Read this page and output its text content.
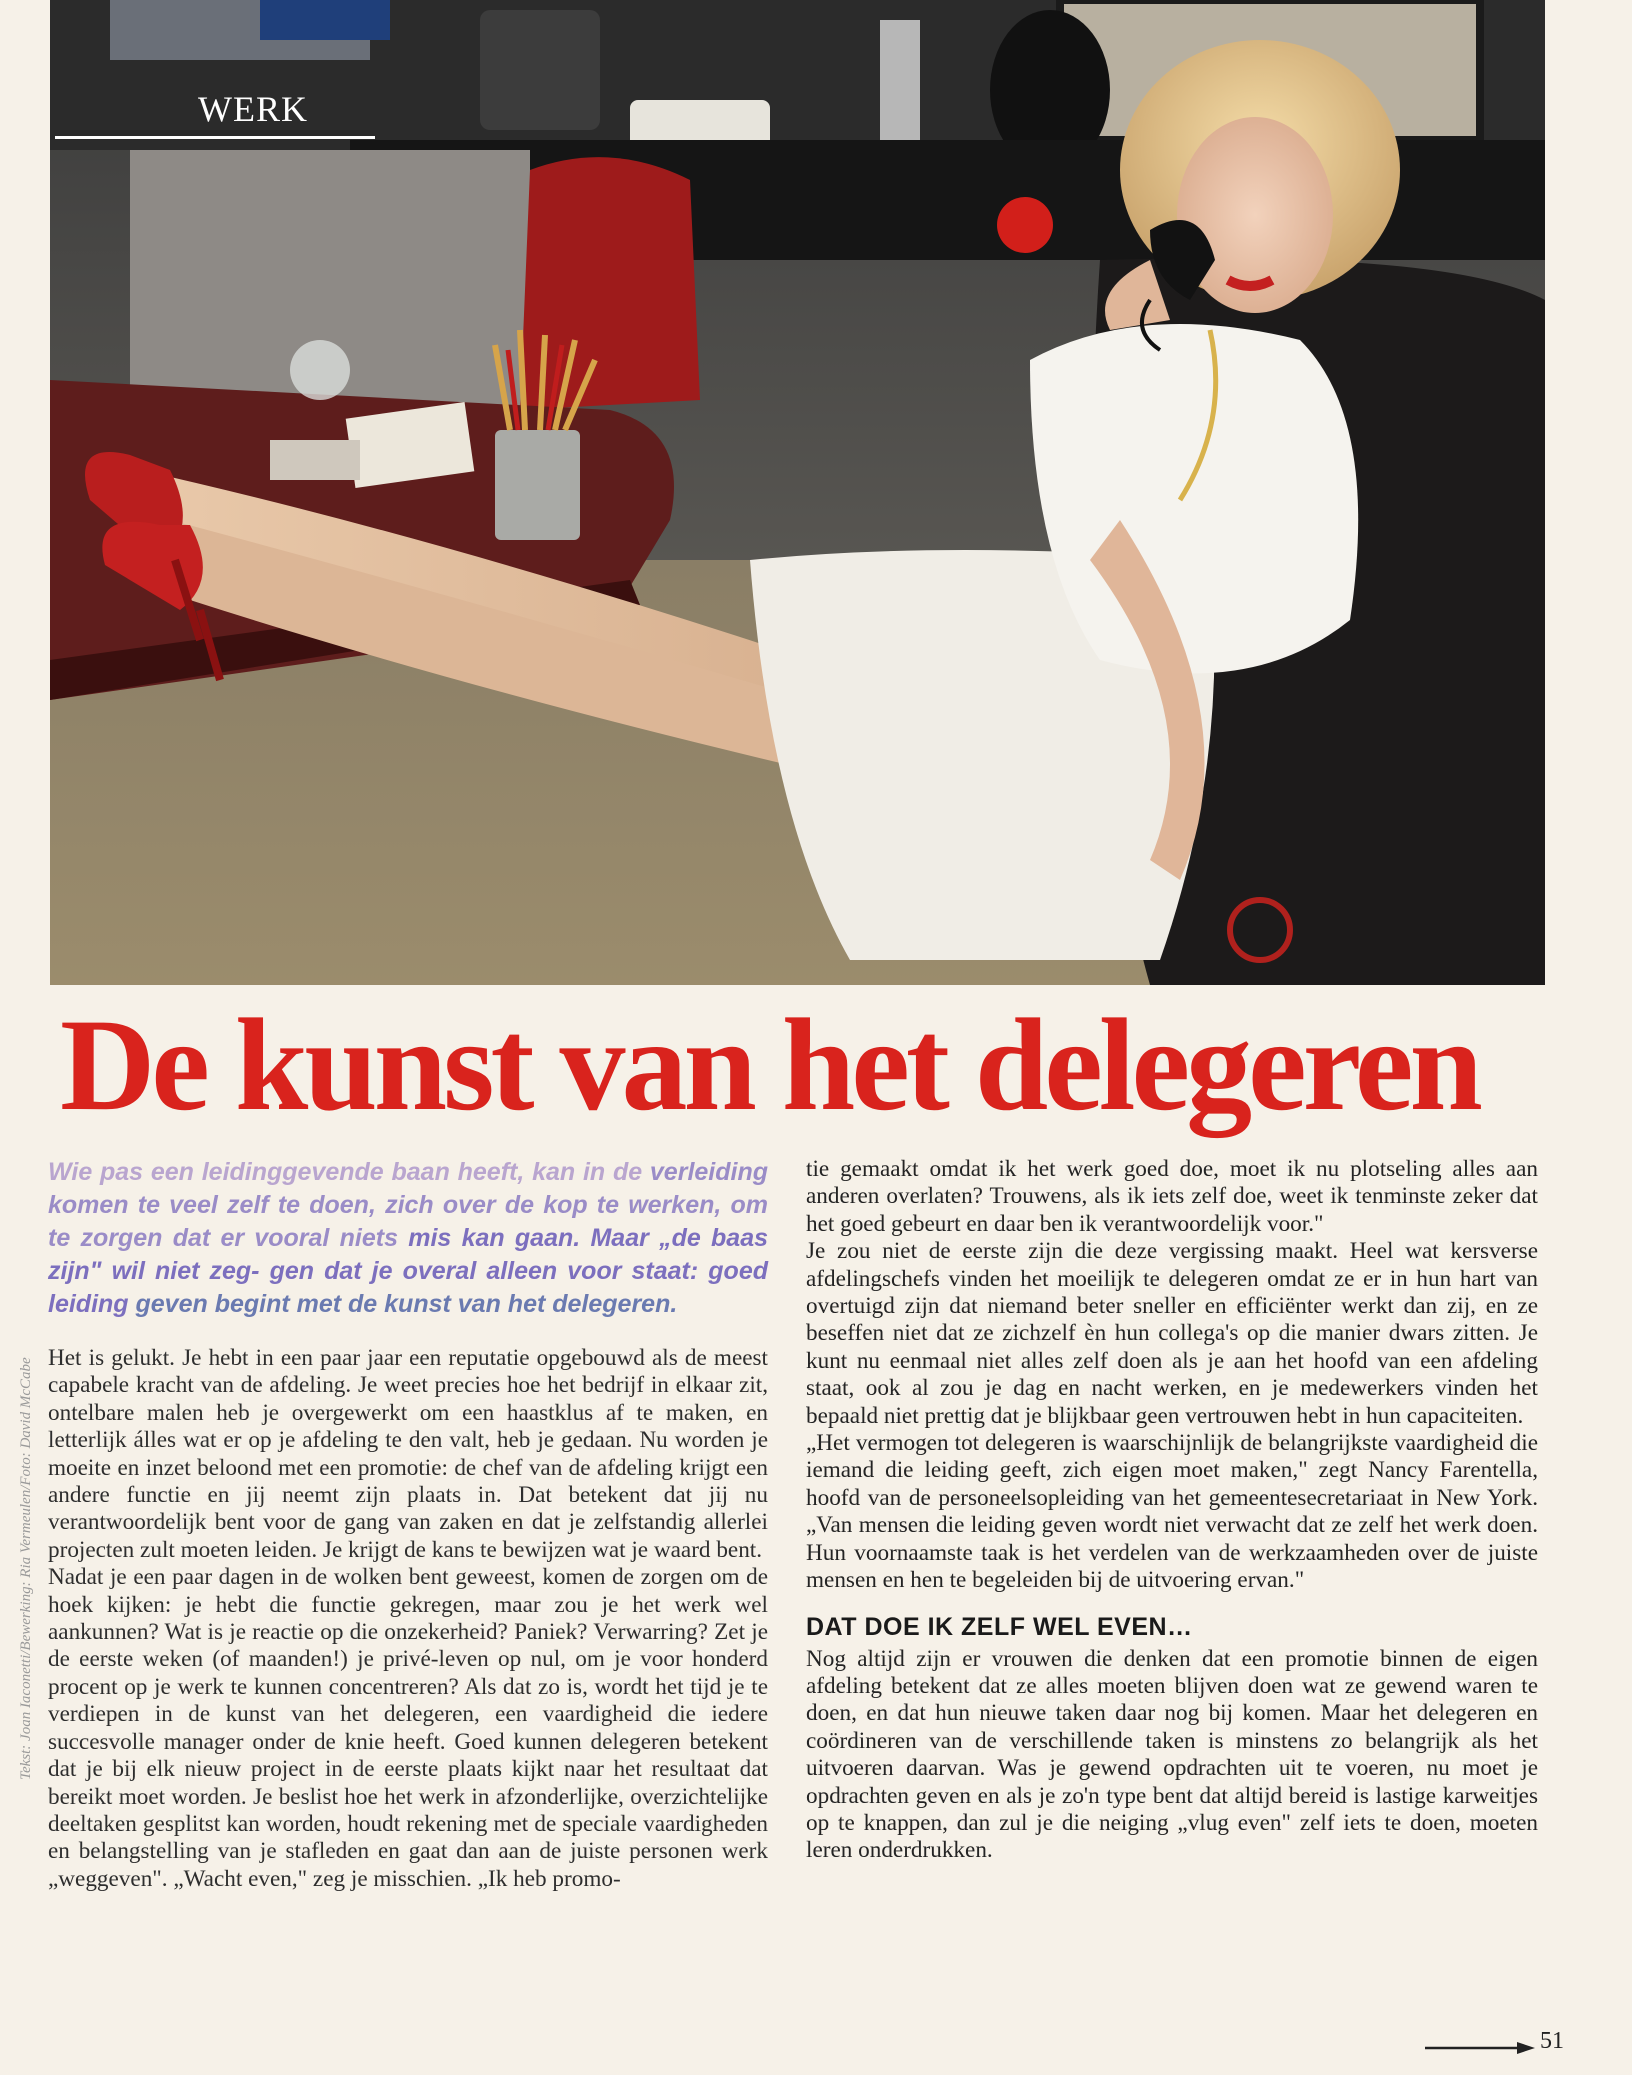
WERK
De kunst van het delegeren
Wie pas een leidinggevende baan heeft, kan in de verleiding komen te veel zelf te doen, zich over de kop te werken, om te zorgen dat er vooral niets mis kan gaan. Maar „de baas zijn" wil niet zeg- gen dat je overal alleen voor staat: goed leiding geven begint met de kunst van het delegeren.

Het is gelukt. Je hebt in een paar jaar een reputatie opgebouwd als de meest capabele kracht van de afdeling. Je weet precies hoe het bedrijf in elkaar zit, ontelbare malen heb je overgewerkt om een haastklus af te maken, en letterlijk álles wat er op je afdeling te den valt, heb je gedaan. Nu worden je moeite en inzet beloond met een promotie: de chef van de afdeling krijgt een andere functie en jij neemt zijn plaats in. Dat betekent dat jij nu verantwoordelijk bent voor de gang van zaken en dat je zelfstandig allerlei projecten zult moeten leiden. Je krijgt de kans te bewijzen wat je waard bent.

Nadat je een paar dagen in de wolken bent geweest, komen de zorgen om de hoek kijken: je hebt die functie gekregen, maar zou je het werk wel aankunnen? Wat is je reactie op die onzekerheid? Paniek? Verwarring? Zet je de eerste weken (of maanden!) je privé-leven op nul, om je voor honderd procent op je werk te kunnen concentreren? Als dat zo is, wordt het tijd je te verdiepen in de kunst van het delegeren, een vaardigheid die iedere succesvolle manager onder de knie heeft. Goed kunnen delegeren betekent dat je bij elk nieuw project in de eerste plaats kijkt naar het resultaat dat bereikt moet worden. Je beslist hoe het werk in afzonderlijke, overzichtelijke deeltaken gesplitst kan worden, houdt rekening met de speciale vaardigheden en belangstelling van je stafleden en gaat dan aan de juiste personen werk „weggeven". „Wacht even," zeg je misschien. „Ik heb promo-

tie gemaakt omdat ik het werk goed doe, moet ik nu plotseling alles aan anderen overlaten? Trouwens, als ik iets zelf doe, weet ik tenminste zeker dat het goed gebeurt en daar ben ik verantwoordelijk voor."

Je zou niet de eerste zijn die deze vergissing maakt. Heel wat kersverse afdelingschefs vinden het moeilijk te delegeren omdat ze er in hun hart van overtuigd zijn dat niemand beter sneller en efficiënter werkt dan zij, en ze beseffen niet dat ze zichzelf èn hun collega's op die manier dwars zitten. Je kunt nu eenmaal niet alles zelf doen als je aan het hoofd van een afdeling staat, ook al zou je dag en nacht werken, en je medewerkers vinden het bepaald niet prettig dat je blijkbaar geen vertrouwen hebt in hun capaciteiten.

„Het vermogen tot delegeren is waarschijnlijk de belangrijkste vaardigheid die iemand die leiding geeft, zich eigen moet maken," zegt Nancy Farentella, hoofd van de personeelsopleiding van het gemeentesecretariaat in New York. „Van mensen die leiding geven wordt niet verwacht dat ze zelf het werk doen. Hun voornaamste taak is het verdelen van de werkzaamheden over de juiste mensen en hen te begeleiden bij de uitvoering ervan."

DAT DOE IK ZELF WEL EVEN…

Nog altijd zijn er vrouwen die denken dat een promotie binnen de eigen afdeling betekent dat ze alles moeten blijven doen wat ze gewend waren te doen, en dat hun nieuwe taken daar nog bij komen. Maar het delegeren en coördineren van de verschillende taken is minstens zo belangrijk als het uitvoeren daarvan. Was je gewend opdrachten uit te voeren, nu moet je opdrachten geven en als je zo'n type bent dat altijd bereid is lastige karweitjes op te knappen, dan zul je die neiging „vlug even" zelf iets te doen, moeten leren onderdrukken.

Tekst: Joan Iaconetti/Bewerking: Ria Vermeulen/Foto: David McCabe
51
